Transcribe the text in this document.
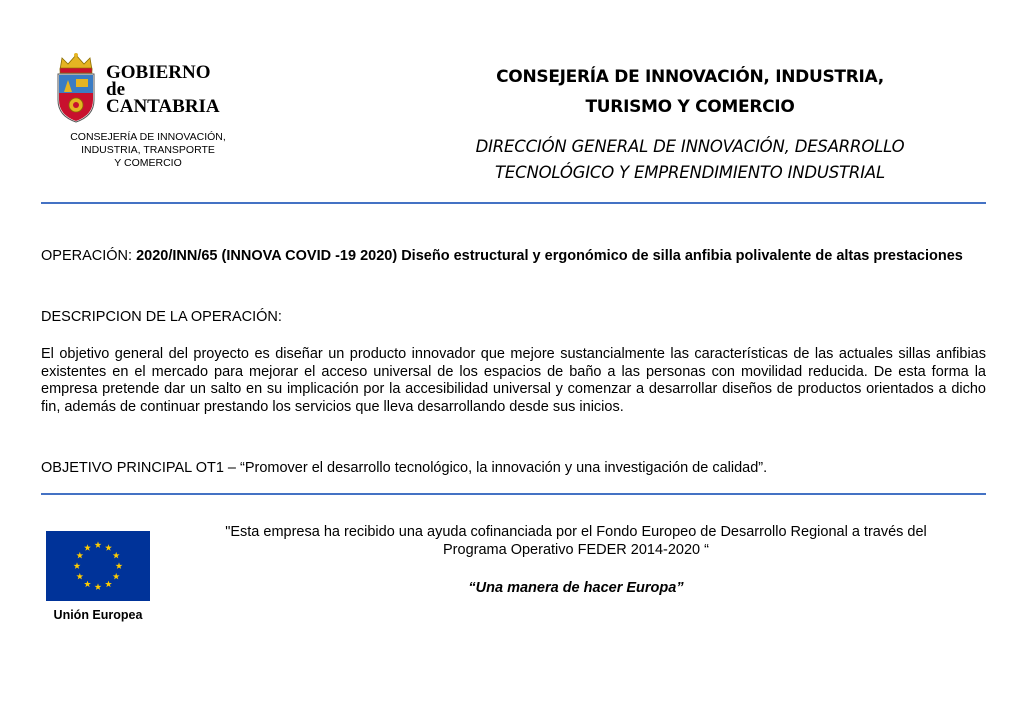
GOBIERNO
de
CANTABRIA
CONSEJERÍA DE INNOVACIÓN,
INDUSTRIA, TRANSPORTE
Y COMERCIO
CONSEJERÍA DE INNOVACIÓN, INDUSTRIA,
TURISMO Y COMERCIO
DIRECCIÓN GENERAL DE INNOVACIÓN, DESARROLLO
TECNOLÓGICO Y EMPRENDIMIENTO INDUSTRIAL
OPERACIÓN: 2020/INN/65 (INNOVA COVID -19 2020) Diseño estructural y ergonómico de silla anfibia polivalente de altas prestaciones
DESCRIPCION DE LA OPERACIÓN:
El objetivo general del proyecto es diseñar un producto innovador que mejore sustancialmente las características de las actuales sillas anfibias existentes en el mercado para mejorar el acceso universal de los espacios de baño a las personas con movilidad reducida. De esta forma la empresa pretende dar un salto en su implicación por la accesibilidad universal y comenzar a desarrollar diseños de productos orientados a dicho fin, además de continuar prestando los servicios que lleva desarrollando desde sus inicios.
OBJETIVO PRINCIPAL OT1 – “Promover el desarrollo tecnológico, la innovación y una investigación de calidad”.
Unión Europea
"Esta empresa ha recibido una ayuda cofinanciada por el Fondo Europeo de Desarrollo Regional a través del Programa Operativo FEDER 2014-2020 “
“Una manera de hacer Europa”
